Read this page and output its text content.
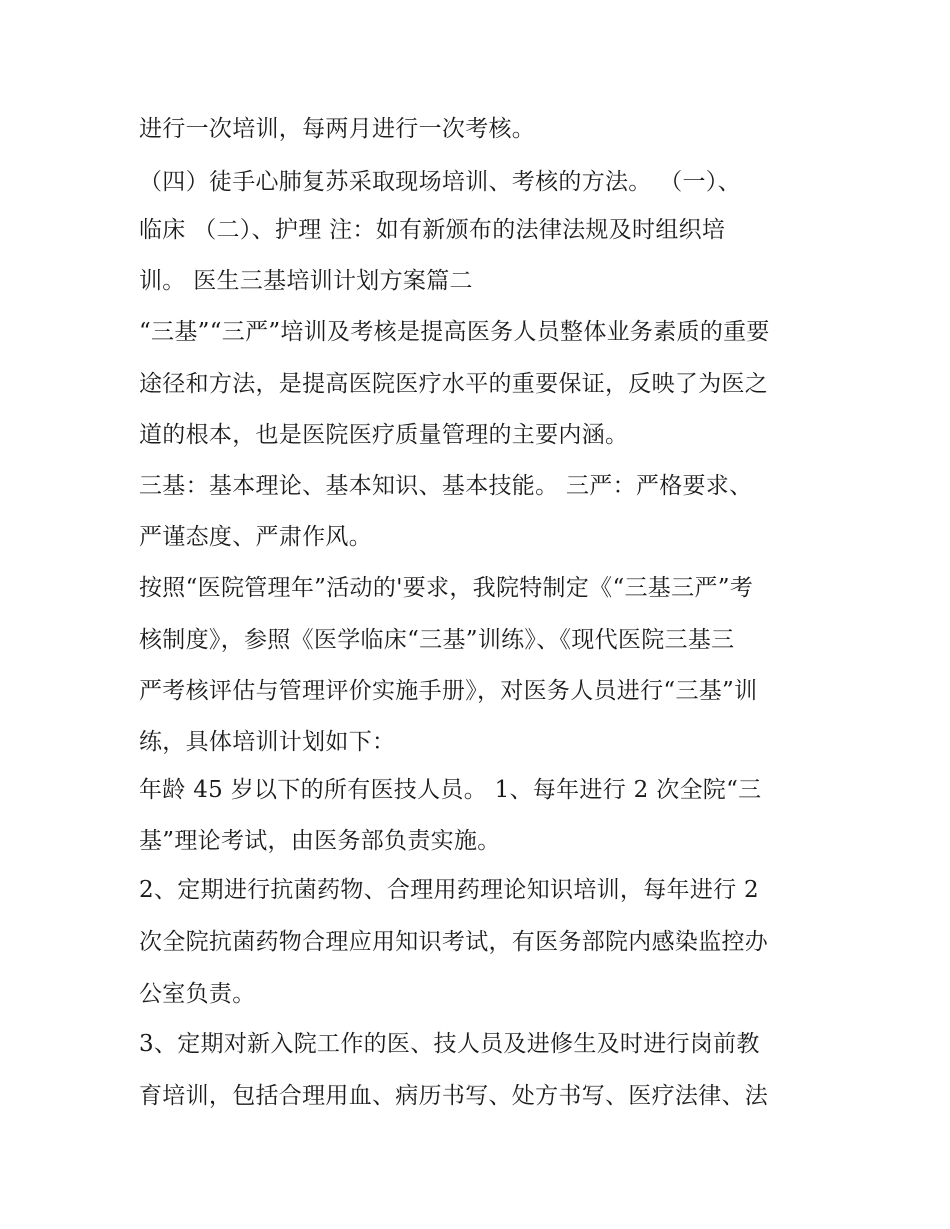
进行一次培训，每两月进行一次考核。
（四）徒手心肺复苏采取现场培训、考核的方法。 （一）、
临床 （二）、护理 注：如有新颁布的法律法规及时组织培
训。 医生三基培训计划方案篇二
“三基”“三严”培训及考核是提高医务人员整体业务素质的重要
途径和方法，是提高医院医疗水平的重要保证，反映了为医之
道的根本，也是医院医疗质量管理的主要内涵。
三基：基本理论、基本知识、基本技能。 三严：严格要求、
严谨态度、严肃作风。
按照“医院管理年”活动的'要求，我院特制定《“三基三严”考
核制度》，参照《医学临床“三基”训练》、《现代医院三基三
严考核评估与管理评价实施手册》，对医务人员进行“三基”训
练，具体培训计划如下：
年龄 45 岁以下的所有医技人员。 1、每年进行 2 次全院“三
基”理论考试，由医务部负责实施。
2、定期进行抗菌药物、合理用药理论知识培训，每年进行 2
次全院抗菌药物合理应用知识考试，有医务部院内感染监控办
公室负责。
3、定期对新入院工作的医、技人员及进修生及时进行岗前教
育培训，包括合理用血、病历书写、处方书写、医疗法律、法
